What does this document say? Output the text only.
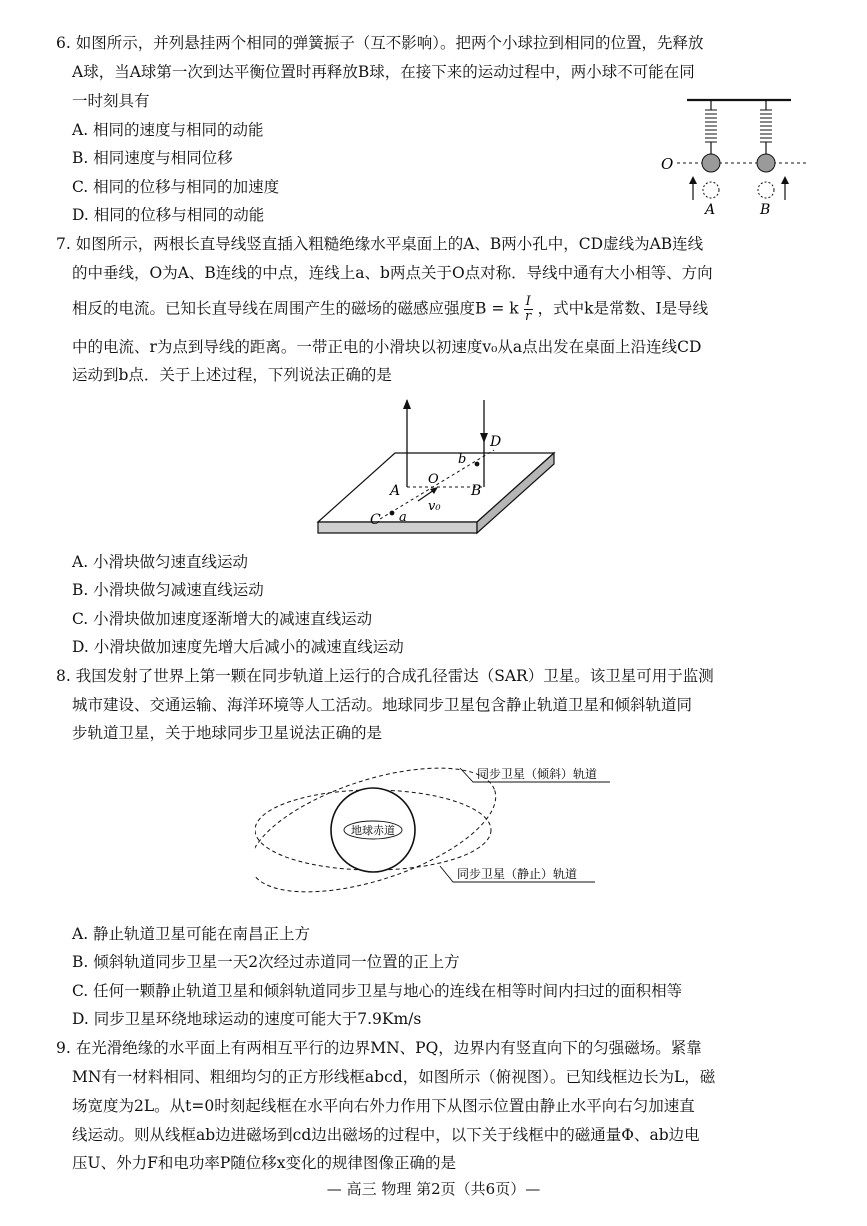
6. 如图所示，并列悬挂两个相同的弹簧振子（互不影响）。把两个小球拉到相同的位置，先释放
A球，当A球第一次到达平衡位置时再释放B球，在接下来的运动过程中，两小球不可能在同
一时刻具有
A. 相同的速度与相同的动能
B. 相同速度与相同位移
C. 相同的位移与相同的加速度
D. 相同的位移与相同的动能
O
A	B
7. 如图所示，两根长直导线竖直插入粗糙绝缘水平桌面上的A、B两小孔中，CD虚线为AB连线
的中垂线，O为A、B连线的中点，连线上a、b两点关于O点对称．导线中通有大小相等、方向
相反的电流。已知长直导线在周围产生的磁场的磁感应强度B = k $\frac{I}{r}$ ，式中k是常数、I是导线
中的电流、r为点到导线的距离。一带正电的小滑块以初速度v₀从a点出发在桌面上沿连线CD
运动到b点．关于上述过程，下列说法正确的是
A	B
O
C
D
a
b
v₀
A. 小滑块做匀速直线运动
B. 小滑块做匀减速直线运动
C. 小滑块做加速度逐渐增大的减速直线运动
D. 小滑块做加速度先增大后减小的减速直线运动
8. 我国发射了世界上第一颗在同步轨道上运行的合成孔径雷达（SAR）卫星。该卫星可用于监测
城市建设、交通运输、海洋环境等人工活动。地球同步卫星包含静止轨道卫星和倾斜轨道同
步轨道卫星，关于地球同步卫星说法正确的是
地球赤道
同步卫星（倾斜）轨道
同步卫星（静止）轨道
A. 静止轨道卫星可能在南昌正上方
B. 倾斜轨道同步卫星一天2次经过赤道同一位置的正上方
C. 任何一颗静止轨道卫星和倾斜轨道同步卫星与地心的连线在相等时间内扫过的面积相等
D. 同步卫星环绕地球运动的速度可能大于7.9Km/s
9. 在光滑绝缘的水平面上有两相互平行的边界MN、PQ，边界内有竖直向下的匀强磁场。紧靠
MN有一材料相同、粗细均匀的正方形线框abcd，如图所示（俯视图）。已知线框边长为L，磁
场宽度为2L。从t=0时刻起线框在水平向右外力作用下从图示位置由静止水平向右匀加速直
线运动。则从线框ab边进磁场到cd边出磁场的过程中，以下关于线框中的磁通量Φ、ab边电
压U、外力F和电功率P随位移x变化的规律图像正确的是
— 高三 物理 第2页（共6页）—
